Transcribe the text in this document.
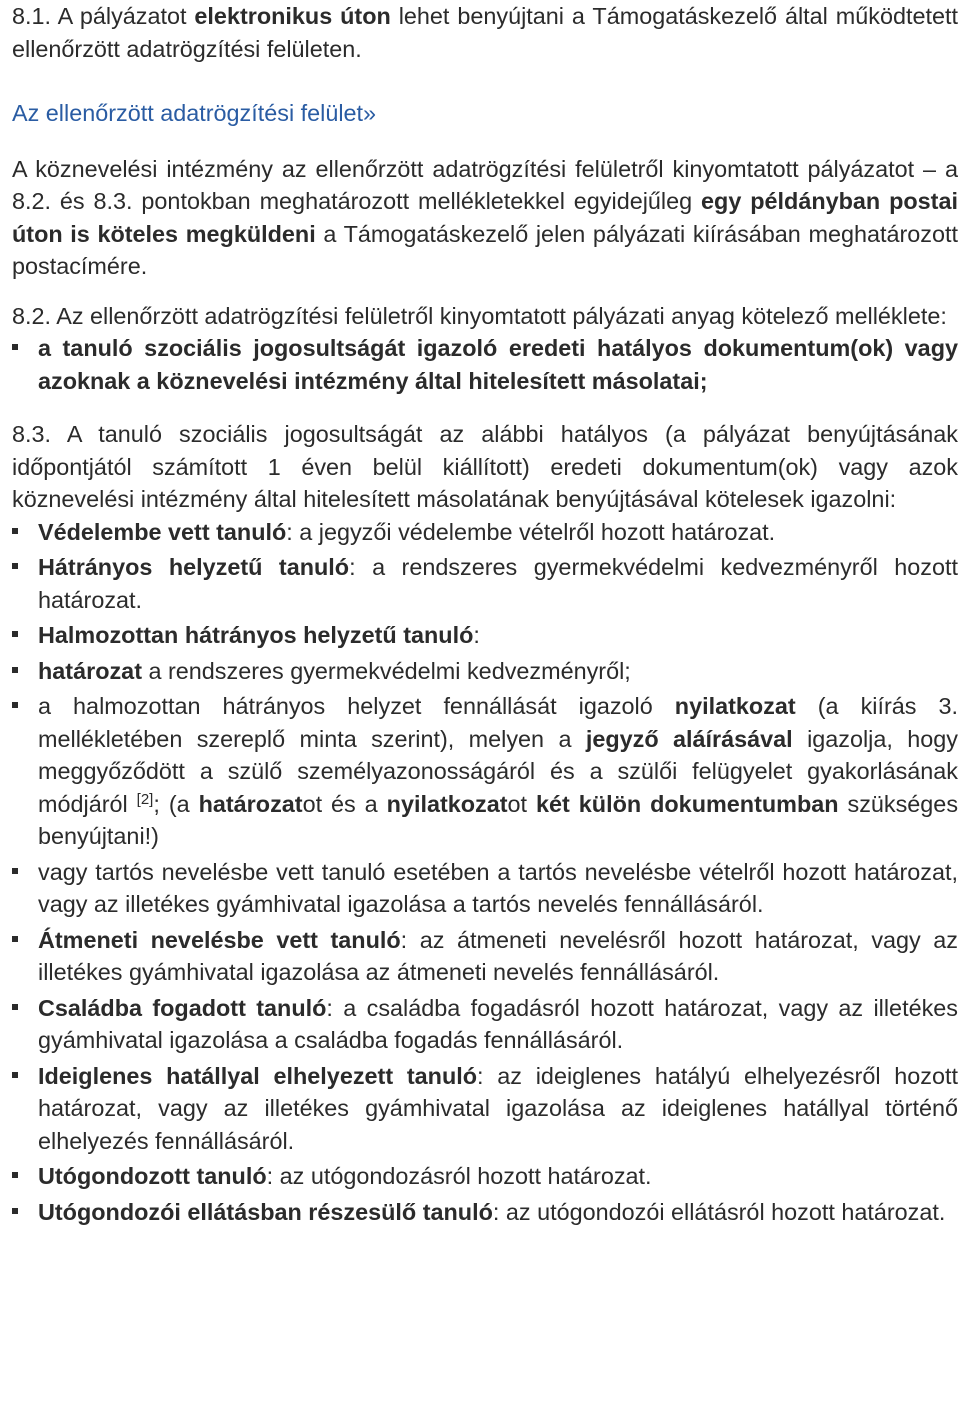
8.1. A pályázatot elektronikus úton lehet benyújtani a Támogatáskezelő által működtetett ellenőrzött adatrögzítési felületen.

Az ellenőrzött adatrögzítési felület»

A köznevelési intézmény az ellenőrzött adatrögzítési felületről kinyomtatott pályázatot – a 8.2. és 8.3. pontokban meghatározott mellékletekkel egyidejűleg egy példányban postai úton is köteles megküldeni a Támogatáskezelő jelen pályázati kiírásában meghatározott postacímére.

8.2. Az ellenőrzött adatrögzítési felületről kinyomtatott pályázati anyag kötelező melléklete:

a tanuló szociális jogosultságát igazoló eredeti hatályos dokumentum(ok) vagy azoknak a köznevelési intézmény által hitelesített másolatai;

8.3. A tanuló szociális jogosultságát az alábbi hatályos (a pályázat benyújtásának időpontjától számított 1 éven belül kiállított) eredeti dokumentum(ok) vagy azok köznevelési intézmény által hitelesített másolatának benyújtásával kötelesek igazolni:

Védelembe vett tanuló: a jegyzői védelembe vételről hozott határozat.
Hátrányos helyzetű tanuló: a rendszeres gyermekvédelmi kedvezményről hozott határozat.
Halmozottan hátrányos helyzetű tanuló:
határozat a rendszeres gyermekvédelmi kedvezményről;
a halmozottan hátrányos helyzet fennállását igazoló nyilatkozat (a kiírás 3. mellékletében szereplő minta szerint), melyen a jegyző aláírásával igazolja, hogy meggyőződött a szülő személyazonosságáról és a szülői felügyelet gyakorlásának módjáról [2]; (a határozatot és a nyilatkozatot két külön dokumentumban szükséges benyújtani!)
vagy tartós nevelésbe vett tanuló esetében a tartós nevelésbe vételről hozott határozat, vagy az illetékes gyámhivatal igazolása a tartós nevelés fennállásáról.
Átmeneti nevelésbe vett tanuló: az átmeneti nevelésről hozott határozat, vagy az illetékes gyámhivatal igazolása az átmeneti nevelés fennállásáról.
Családba fogadott tanuló: a családba fogadásról hozott határozat, vagy az illetékes gyámhivatal igazolása a családba fogadás fennállásáról.
Ideiglenes hatállyal elhelyezett tanuló: az ideiglenes hatályú elhelyezésről hozott határozat, vagy az illetékes gyámhivatal igazolása az ideiglenes hatállyal történő elhelyezés fennállásáról.
Utógondozott tanuló: az utógondozásról hozott határozat.
Utógondozói ellátásban részesülő tanuló: az utógondozói ellátásról hozott határozat.
